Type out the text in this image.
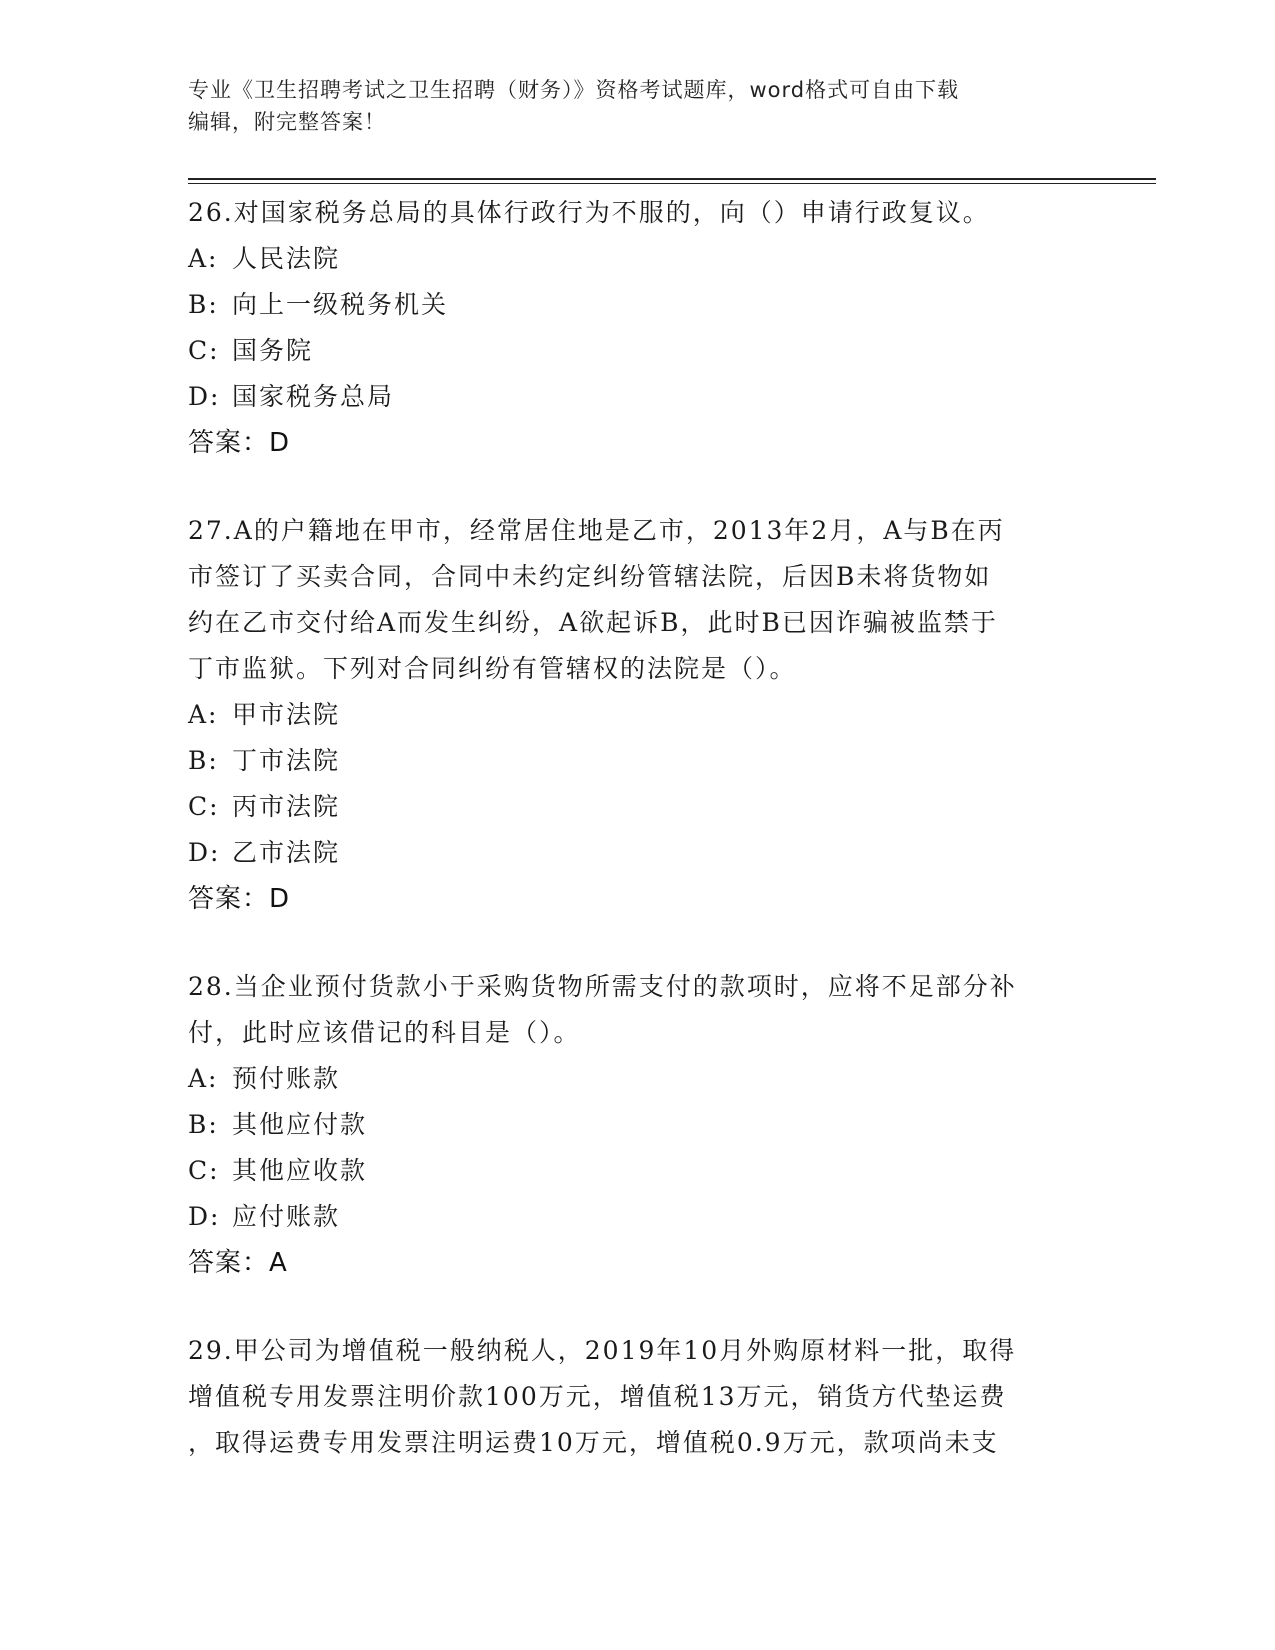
专业《卫生招聘考试之卫生招聘（财务）》资格考试题库，word格式可自由下载

编辑，附完整答案！

26.对国家税务总局的具体行政行为不服的，向（）申请行政复议。

A: 人民法院

B: 向上一级税务机关

C: 国务院

D: 国家税务总局

答案：D

27.A的户籍地在甲市，经常居住地是乙市，2013年2月，A与B在丙

市签订了买卖合同，合同中未约定纠纷管辖法院，后因B未将货物如

约在乙市交付给A而发生纠纷，A欲起诉B，此时B已因诈骗被监禁于

丁市监狱。下列对合同纠纷有管辖权的法院是（）。

A: 甲市法院

B: 丁市法院

C: 丙市法院

D: 乙市法院

答案：D

28.当企业预付货款小于采购货物所需支付的款项时，应将不足部分补

付，此时应该借记的科目是（）。

A: 预付账款

B: 其他应付款

C: 其他应收款

D: 应付账款

答案：A

29.甲公司为增值税一般纳税人，2019年10月外购原材料一批，取得

增值税专用发票注明价款100万元，增值税13万元，销货方代垫运费

，取得运费专用发票注明运费10万元，增值税0.9万元，款项尚未支
